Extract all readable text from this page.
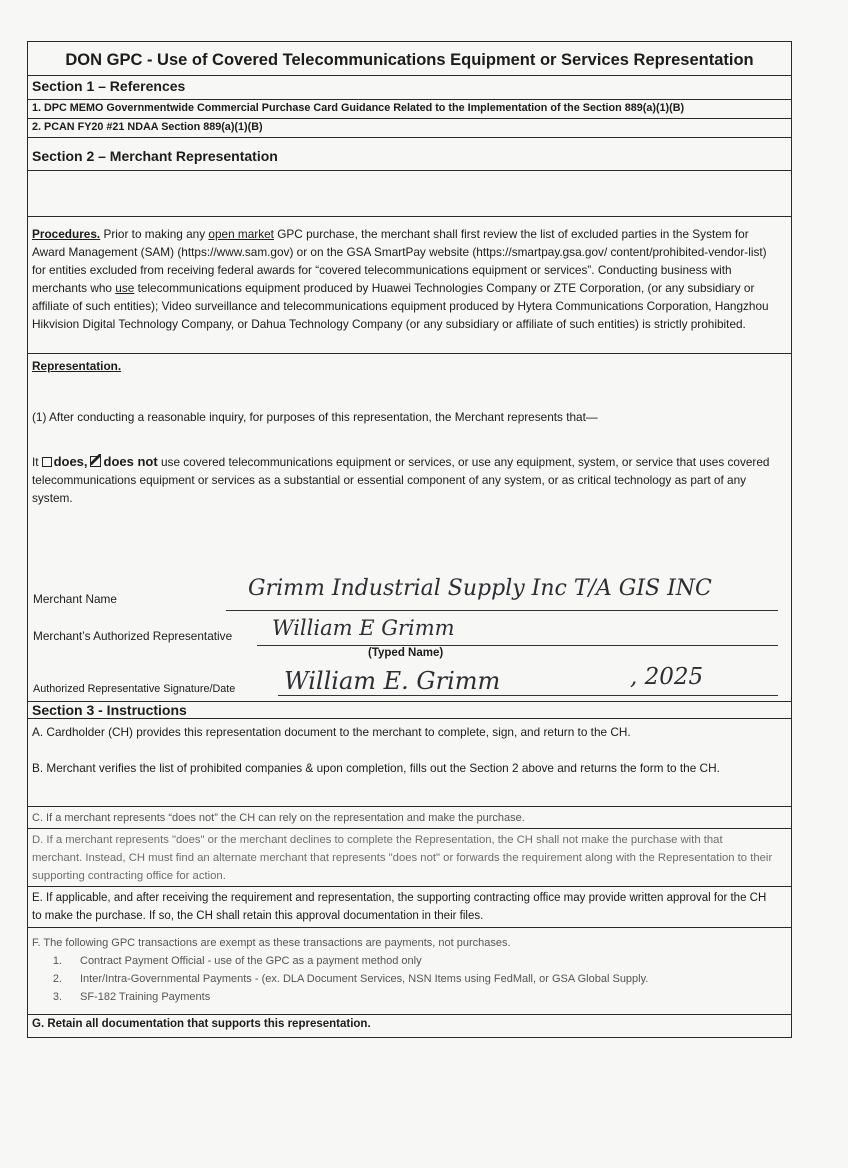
DON GPC - Use of Covered Telecommunications Equipment or Services Representation
Section 1 – References
1. DPC MEMO Governmentwide Commercial Purchase Card Guidance Related to the Implementation of the Section 889(a)(1)(B)
2. PCAN FY20 #21 NDAA Section 889(a)(1)(B)
Section 2 – Merchant Representation
Procedures. Prior to making any open market GPC purchase, the merchant shall first review the list of excluded parties in the System for Award Management (SAM) (https://www.sam.gov) or on the GSA SmartPay website (https://smartpay.gsa.gov/ content/prohibited-vendor-list) for entities excluded from receiving federal awards for “covered telecommunications equipment or services”. Conducting business with merchants who use telecommunications equipment produced by Huawei Technologies Company or ZTE Corporation, (or any subsidiary or affiliate of such entities); Video surveillance and telecommunications equipment produced by Hytera Communications Corporation, Hangzhou Hikvision Digital Technology Company, or Dahua Technology Company (or any subsidiary or affiliate of such entities) is strictly prohibited.
Representation.
(1) After conducting a reasonable inquiry, for purposes of this representation, the Merchant represents that—
It does, does not use covered telecommunications equipment or services, or use any equipment, system, or service that uses covered telecommunications equipment or services as a substantial or essential component of any system, or as critical technology as part of any system.
Merchant Name	Grimm Industrial Supply Inc T/A GIS INC
Merchant’s Authorized Representative William E Grimm
(Typed Name)
Authorized Representative Signature/Date William E. Grimm	, 2025
Section 3 - Instructions
A. Cardholder (CH) provides this representation document to the merchant to complete, sign, and return to the CH.
B. Merchant verifies the list of prohibited companies & upon completion, fills out the Section 2 above and returns the form to the CH.
C. If a merchant represents “does not” the CH can rely on the representation and make the purchase.
D. If a merchant represents "does" or the merchant declines to complete the Representation, the CH shall not make the purchase with that merchant. Instead, CH must find an alternate merchant that represents "does not" or forwards the requirement along with the Representation to their supporting contracting office for action.
E. If applicable, and after receiving the requirement and representation, the supporting contracting office may provide written approval for the CH to make the purchase. If so, the CH shall retain this approval documentation in their files.
F. The following GPC transactions are exempt as these transactions are payments, not purchases.
1. Contract Payment Official - use of the GPC as a payment method only
2. Inter/Intra-Governmental Payments - (ex. DLA Document Services, NSN Items using FedMall, or GSA Global Supply.
3. SF-182 Training Payments
G. Retain all documentation that supports this representation.
